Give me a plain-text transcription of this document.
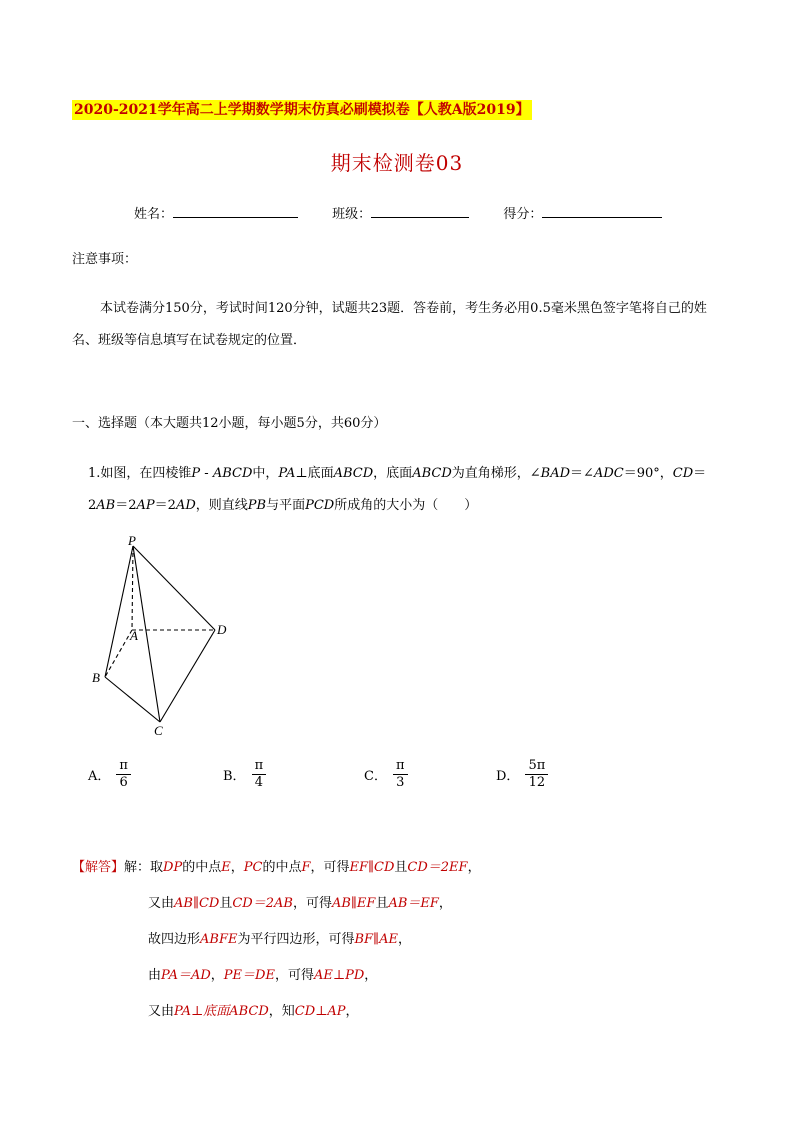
2020-2021学年高二上学期数学期末仿真必刷模拟卷【人教A版2019】
期末检测卷03
姓名：	班级：	得分：
注意事项：
本试卷满分150分，考试时间120分钟，试题共23题．答卷前，考生务必用0.5毫米黑色签字笔将自己的姓名、班级等信息填写在试卷规定的位置．
一、选择题（本大题共12小题，每小题5分，共60分）
1.如图，在四棱锥P - ABCD中，PA⊥底面ABCD，底面ABCD为直角梯形，∠BAD＝∠ADC＝90°，CD＝
2AB＝2AP＝2AD，则直线PB与平面PCD所成角的大小为（　　）
P
A	D
B
C
A． $\frac{\pi}{6}$	B． $\frac{\pi}{4}$	C． $\frac{\pi}{3}$	D． $\frac{5\pi}{12}$
【解答】解：取DP的中点E，PC的中点F，可得EF∥CD且CD＝2EF，
又由AB∥CD且CD＝2AB，可得AB∥EF且AB＝EF，
故四边形ABFE为平行四边形，可得BF∥AE，
由PA＝AD，PE＝DE，可得AE⊥PD，
又由PA⊥底面ABCD，知CD⊥AP，
